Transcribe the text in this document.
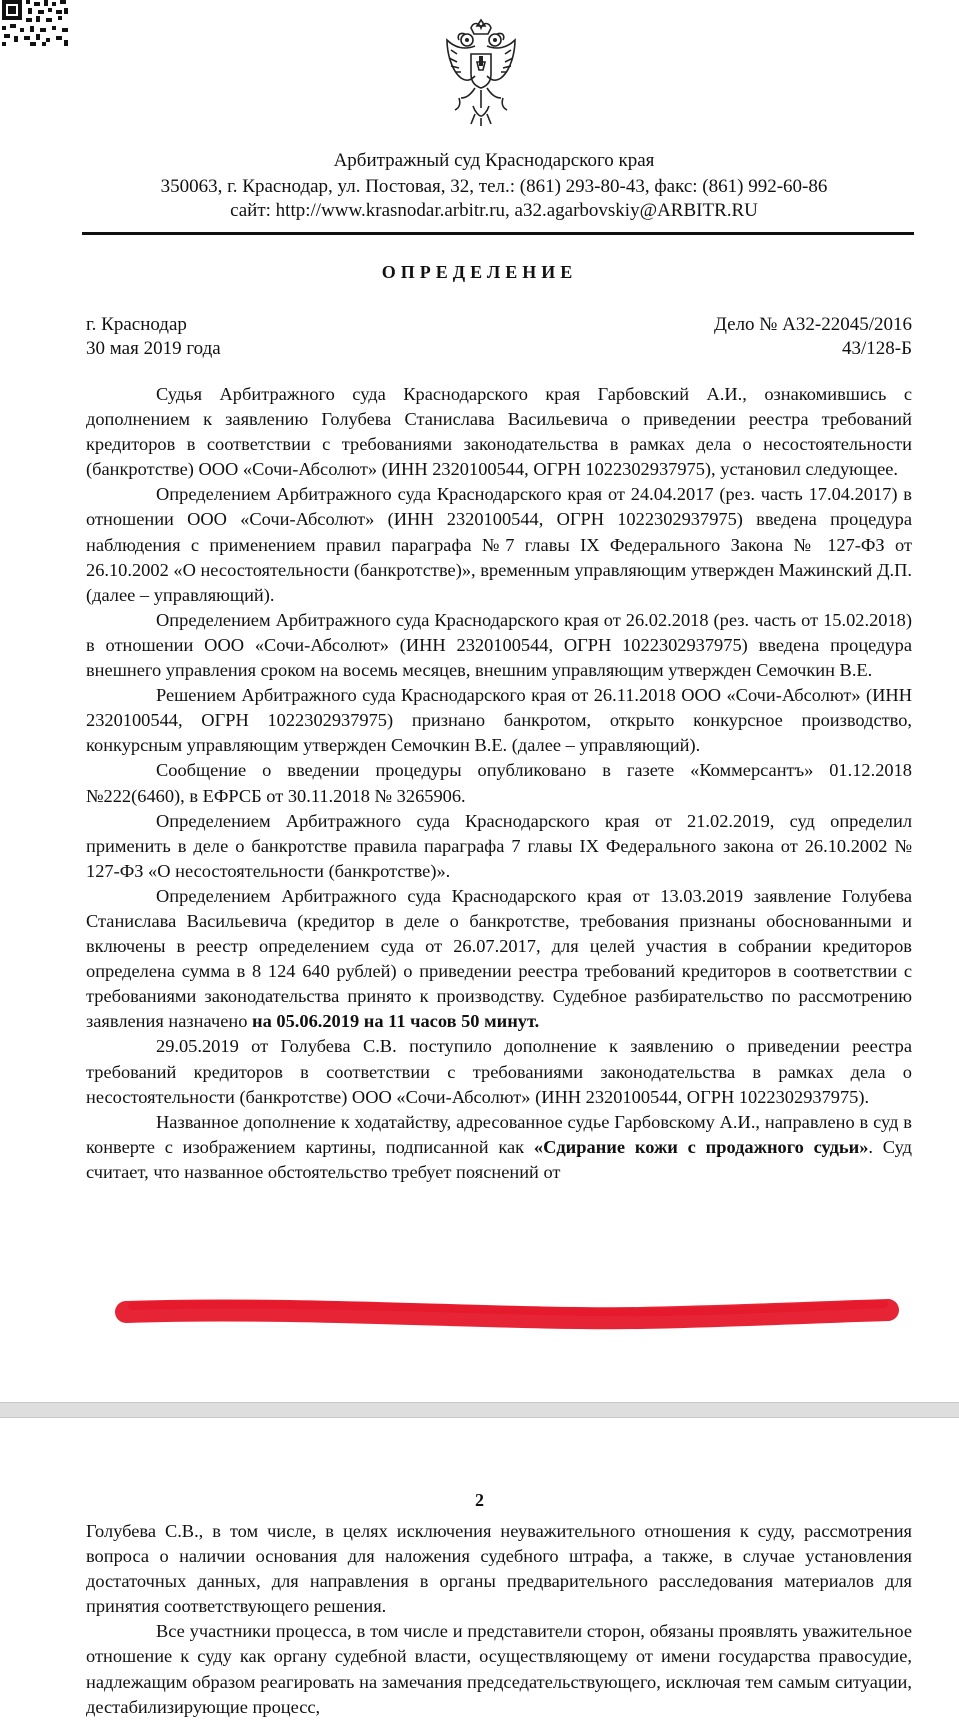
Арбитражный суд Краснодарского края
350063, г. Краснодар, ул. Постовая, 32, тел.: (861) 293-80-43, факс: (861) 992-60-86
сайт: http://www.krasnodar.arbitr.ru, a32.agarbovskiy@ARBITR.RU
ОПРЕДЕЛЕНИЕ
г. Краснодар
30 мая 2019 года
Дело № А32-22045/2016
43/128-Б

Судья Арбитражного суда Краснодарского края Гарбовский А.И., ознакомившись с дополнением к заявлению Голубева Станислава Васильевича о приведении реестра требований кредиторов в соответствии с требованиями законодательства в рамках дела о несостоятельности (банкротстве) ООО «Сочи-Абсолют» (ИНН 2320100544, ОГРН 1022302937975), установил следующее.

Определением Арбитражного суда Краснодарского края от 24.04.2017 (рез. часть 17.04.2017) в отношении ООО «Сочи-Абсолют» (ИНН 2320100544, ОГРН 1022302937975) введена процедура наблюдения с применением правил параграфа №7 главы IX Федерального Закона № 127-ФЗ от 26.10.2002 «О несостоятельности (банкротстве)», временным управляющим утвержден Мажинский Д.П. (далее – управляющий).

Определением Арбитражного суда Краснодарского края от 26.02.2018 (рез. часть от 15.02.2018) в отношении ООО «Сочи-Абсолют» (ИНН 2320100544, ОГРН 1022302937975) введена процедура внешнего управления сроком на восемь месяцев, внешним управляющим утвержден Семочкин В.Е.

Решением Арбитражного суда Краснодарского края от 26.11.2018 ООО «Сочи-Абсолют» (ИНН 2320100544, ОГРН 1022302937975) признано банкротом, открыто конкурсное производство, конкурсным управляющим утвержден Семочкин В.Е. (далее – управляющий).

Сообщение о введении процедуры опубликовано в газете «Коммерсантъ» 01.12.2018 №222(6460), в ЕФРСБ от 30.11.2018 № 3265906.

Определением Арбитражного суда Краснодарского края от 21.02.2019, суд определил применить в деле о банкротстве правила параграфа 7 главы IX Федерального закона от 26.10.2002 № 127-ФЗ «О несостоятельности (банкротстве)».

Определением Арбитражного суда Краснодарского края от 13.03.2019 заявление Голубева Станислава Васильевича (кредитор в деле о банкротстве, требования признаны обоснованными и включены в реестр определением суда от 26.07.2017, для целей участия в собрании кредиторов определена сумма в 8 124 640 рублей) о приведении реестра требований кредиторов в соответствии с требованиями законодательства принято к производству. Судебное разбирательство по рассмотрению заявления назначено на 05.06.2019 на 11 часов 50 минут.

29.05.2019 от Голубева С.В. поступило дополнение к заявлению о приведении реестра требований кредиторов в соответствии с требованиями законодательства в рамках дела о несостоятельности (банкротстве) ООО «Сочи-Абсолют» (ИНН 2320100544, ОГРН 1022302937975).

Названное дополнение к ходатайству, адресованное судье Гарбовскому А.И., направлено в суд в конверте с изображением картины, подписанной как «Сдирание кожи с продажного судьи». Суд считает, что названное обстоятельство требует пояснений от

2

Голубева С.В., в том числе, в целях исключения неуважительного отношения к суду, рассмотрения вопроса о наличии основания для наложения судебного штрафа, а также, в случае установления достаточных данных, для направления в органы предварительного расследования материалов для принятия соответствующего решения.

Все участники процесса, в том числе и представители сторон, обязаны проявлять уважительное отношение к суду как органу судебной власти, осуществляющему от имени государства правосудие, надлежащим образом реагировать на замечания председательствующего, исключая тем самым ситуации, дестабилизирующие процесс,
